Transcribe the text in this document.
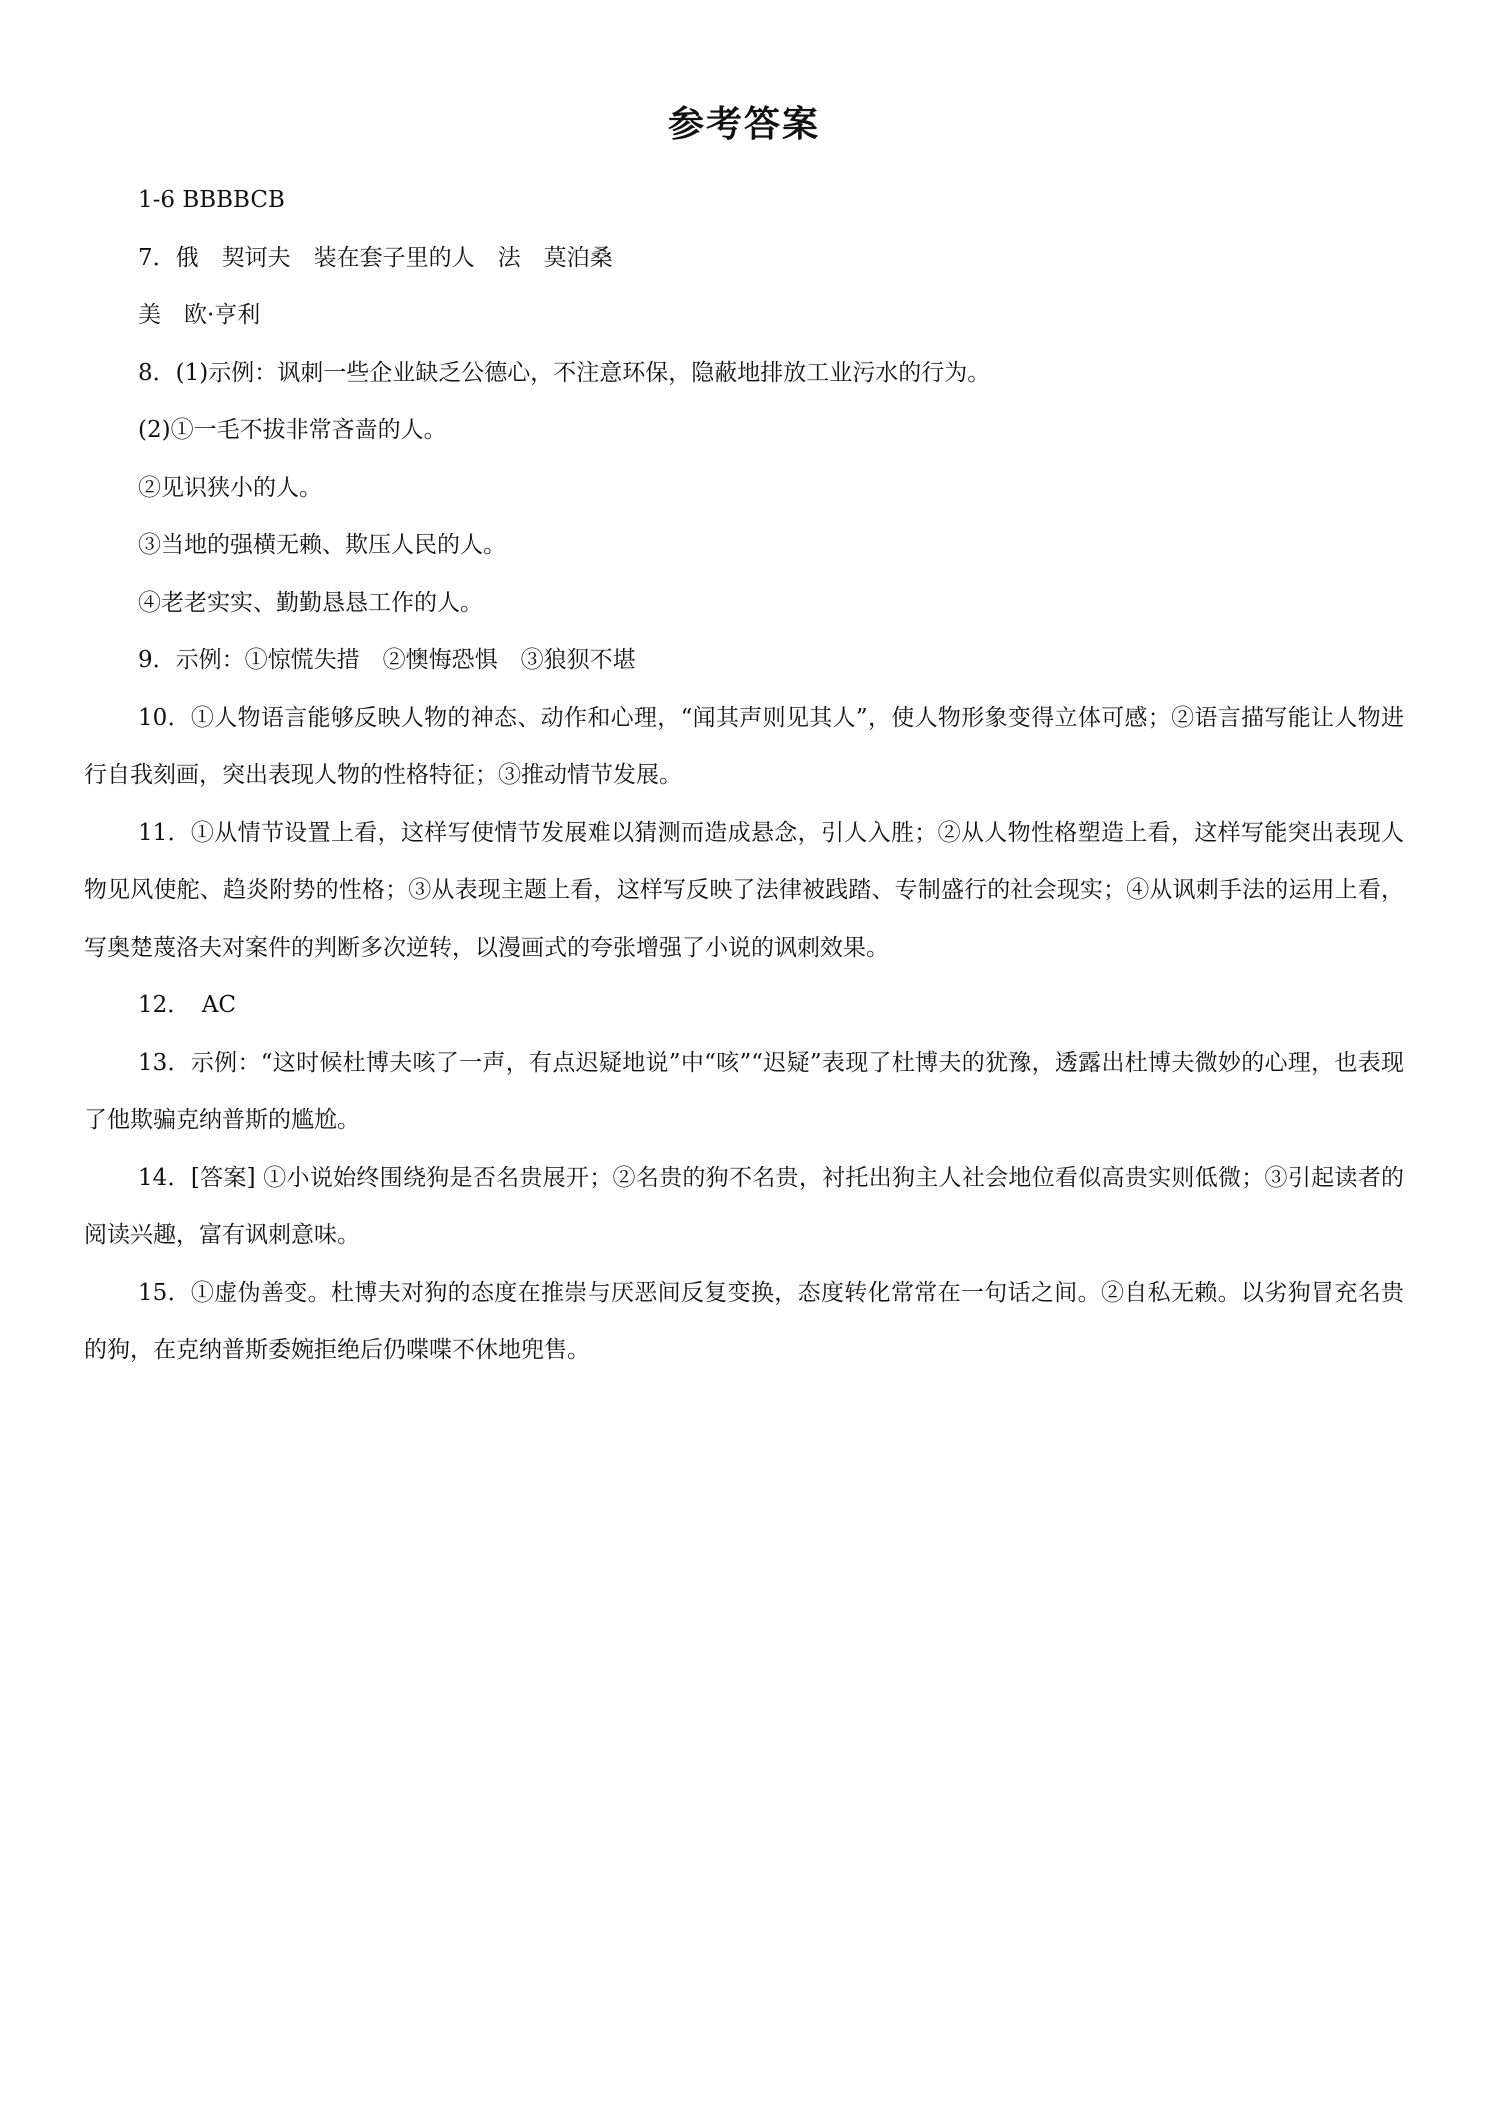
参考答案

1-6 BBBBCB

7．俄　契诃夫　装在套子里的人　法　莫泊桑

美　欧·亨利

8．(1)示例：讽刺一些企业缺乏公德心，不注意环保，隐蔽地排放工业污水的行为。

(2)①一毛不拔非常吝啬的人。

②见识狭小的人。

③当地的强横无赖、欺压人民的人。

④老老实实、勤勤恳恳工作的人。

9．示例：①惊慌失措　②懊悔恐惧　③狼狈不堪

10．①人物语言能够反映人物的神态、动作和心理，“闻其声则见其人”，使人物形象变得立体可感；②语言描写能让人物进行自我刻画，突出表现人物的性格特征；③推动情节发展。

11．①从情节设置上看，这样写使情节发展难以猜测而造成悬念，引人入胜；②从人物性格塑造上看，这样写能突出表现人物见风使舵、趋炎附势的性格；③从表现主题上看，这样写反映了法律被践踏、专制盛行的社会现实；④从讽刺手法的运用上看，写奥楚蔑洛夫对案件的判断多次逆转，以漫画式的夸张增强了小说的讽刺效果。

12．　AC

13．示例：“这时候杜博夫咳了一声，有点迟疑地说”中“咳”“迟疑”表现了杜博夫的犹豫，透露出杜博夫微妙的心理，也表现了他欺骗克纳普斯的尴尬。

14．[答案] ①小说始终围绕狗是否名贵展开；②名贵的狗不名贵，衬托出狗主人社会地位看似高贵实则低微；③引起读者的阅读兴趣，富有讽刺意味。

15．①虚伪善变。杜博夫对狗的态度在推崇与厌恶间反复变换，态度转化常常在一句话之间。②自私无赖。以劣狗冒充名贵的狗，在克纳普斯委婉拒绝后仍喋喋不休地兜售。
